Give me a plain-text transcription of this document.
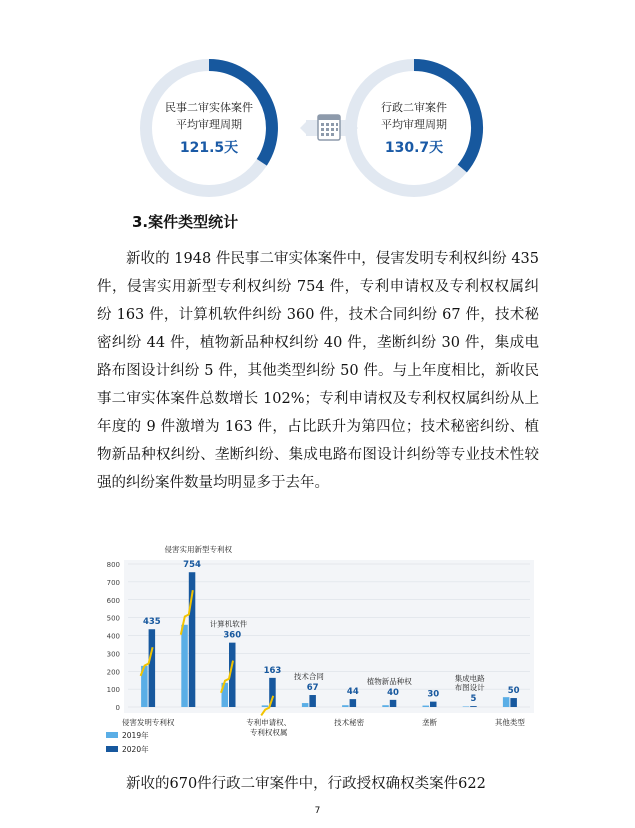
民事二审实体案件
平均审理周期
121.5天
行政二审案件
平均审理周期
130.7天
3.案件类型统计

新收的 1948 件民事二审实体案件中，侵害发明专利权纠纷 435 件，侵害实用新型专利权纠纷 754 件，专利申请权及专利权权属纠纷 163 件，计算机软件纠纷 360 件，技术合同纠纷 67 件，技术秘密纠纷 44 件，植物新品种权纠纷 40 件，垄断纠纷 30 件，集成电路布图设计纠纷 5 件，其他类型纠纷 50 件。与上年度相比，新收民事二审实体案件总数增长 102%；专利申请权及专利权权属纠纷从上年度的 9 件激增为 163 件，占比跃升为第四位；技术秘密纠纷、植物新品种权纠纷、垄断纠纷、集成电路布图设计纠纷等专业技术性较强的纠纷案件数量均明显多于去年。

0
100
200
300
400
500
600
700
800
435
754
360
163
67	44	40	30	5
50
侵害实用新型专利权
计算机软件
技术合同
植物新品种权	集成电路
布图设计
侵害发明专利权	专利申请权、
专利权权属
技术秘密	垄断	其他类型
2019年
2020年

新收的670件行政二审案件中，行政授权确权类案件622

7
